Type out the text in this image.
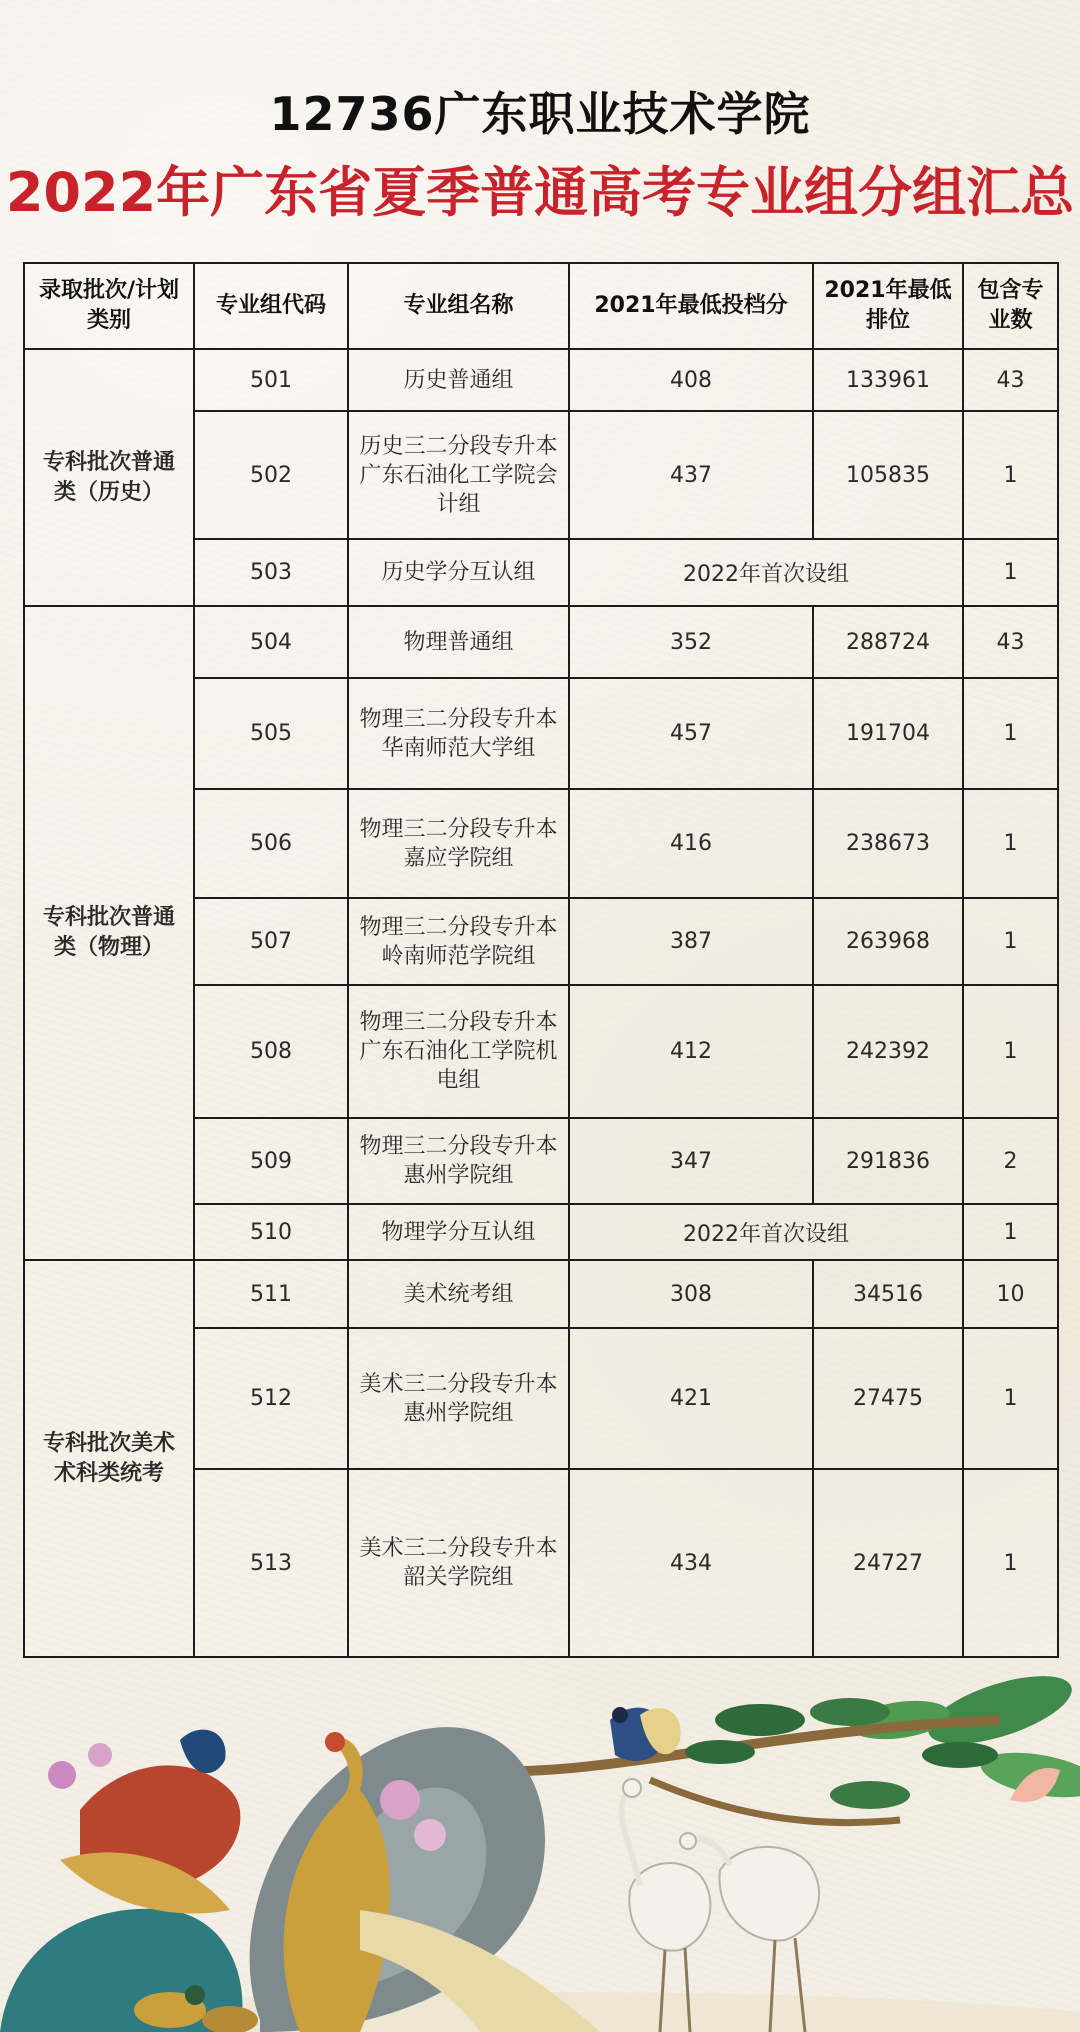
12736广东职业技术学院
2022年广东省夏季普通高考专业组分组汇总
录取批次/计划类别	专业组代码	专业组名称	2021年最低投档分	2021年最低排位	包含专业数
专科批次普通类（历史）	501	历史普通组	408	133961	43
	502	历史三二分段专升本广东石油化工学院会计组	437	105835	1
	503	历史学分互认组	2022年首次设组		1
专科批次普通类（物理）	504	物理普通组	352	288724	43
	505	物理三二分段专升本华南师范大学组	457	191704	1
	506	物理三二分段专升本嘉应学院组	416	238673	1
	507	物理三二分段专升本岭南师范学院组	387	263968	1
	508	物理三二分段专升本广东石油化工学院机电组	412	242392	1
	509	物理三二分段专升本惠州学院组	347	291836	2
	510	物理学分互认组	2022年首次设组		1
专科批次美术术科类统考	511	美术统考组	308	34516	10
	512	美术三二分段专升本惠州学院组	421	27475	1
	513	美术三二分段专升本韶关学院组	434	24727	1
